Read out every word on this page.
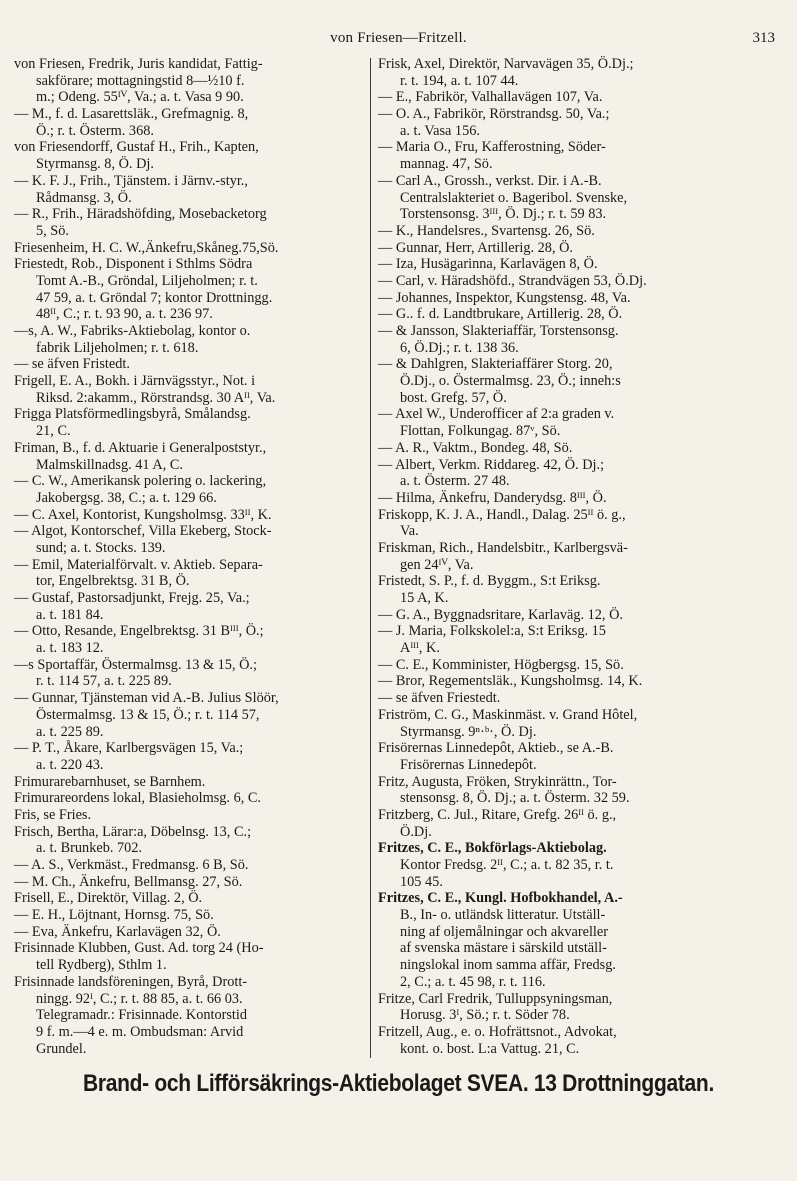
von Friesen—Fritzell.	313
von Friesen, Fredrik, Juris kandidat, Fattig-
sakförare; mottagningstid 8—½10 f.
m.; Odeng. 55ᴵⱽ, Va.; a. t. Vasa 9 90.
— M., f. d. Lasarettsläk., Grefmagnig. 8,
Ö.; r. t. Österm. 368.
von Friesendorff, Gustaf H., Frih., Kapten,
Styrmansg. 8, Ö. Dj.
— K. F. J., Frih., Tjänstem. i Järnv.-styr.,
Rådmansg. 3, Ö.
— R., Frih., Häradshöfding, Mosebacketorg
5, Sö.
Friesenheim, H. C. W.,Änkefru,Skåneg.75,Sö.
Friestedt, Rob., Disponent i Sthlms Södra
Tomt A.-B., Gröndal, Liljeholmen; r. t.
47 59, a. t. Gröndal 7; kontor Drottningg.
48ᴵᴵ, C.; r. t. 93 90, a. t. 236 97.
—s, A. W., Fabriks-Aktiebolag, kontor o.
fabrik Liljeholmen; r. t. 618.
— se äfven Fristedt.
Frigell, E. A., Bokh. i Järnvägsstyr., Not. i
Riksd. 2:akamm., Rörstrandsg. 30 Aᴵᴵ, Va.
Frigga Platsförmedlingsbyrå, Smålandsg.
21, C.
Friman, B., f. d. Aktuarie i Generalpoststyr.,
Malmskillnadsg. 41 A, C.
— C. W., Amerikansk polering o. lackering,
Jakobergsg. 38, C.; a. t. 129 66.
— C. Axel, Kontorist, Kungsholmsg. 33ᴵᴵ, K.
— Algot, Kontorschef, Villa Ekeberg, Stock-
sund; a. t. Stocks. 139.
— Emil, Materialförvalt. v. Aktieb. Separa-
tor, Engelbrektsg. 31 B, Ö.
— Gustaf, Pastorsadjunkt, Frejg. 25, Va.;
a. t. 181 84.
— Otto, Resande, Engelbrektsg. 31 Bᴵᴵᴵ, Ö.;
a. t. 183 12.
—s Sportaffär, Östermalmsg. 13 & 15, Ö.;
r. t. 114 57, a. t. 225 89.
— Gunnar, Tjänsteman vid A.-B. Julius Slöör,
Östermalmsg. 13 & 15, Ö.; r. t. 114 57,
a. t. 225 89.
— P. T., Åkare, Karlbergsvägen 15, Va.;
a. t. 220 43.
Frimurarebarnhuset, se Barnhem.
Frimurareordens lokal, Blasieholmsg. 6, C.
Fris, se Fries.
Frisch, Bertha, Lärar:a, Döbelnsg. 13, C.;
a. t. Brunkeb. 702.
— A. S., Verkmäst., Fredmansg. 6 B, Sö.
— M. Ch., Änkefru, Bellmansg. 27, Sö.
Frisell, E., Direktör, Villag. 2, Ö.
— E. H., Löjtnant, Hornsg. 75, Sö.
— Eva, Änkefru, Karlavägen 32, Ö.
Frisinnade Klubben, Gust. Ad. torg 24 (Ho-
tell Rydberg), Sthlm 1.
Frisinnade landsföreningen, Byrå, Drott-
ningg. 92ᴵ, C.; r. t. 88 85, a. t. 66 03.
Telegramadr.: Frisinnade. Kontorstid
9 f. m.—4 e. m. Ombudsman: Arvid
Grundel.
Frisk, Axel, Direktör, Narvavägen 35, Ö.Dj.;
r. t. 194, a. t. 107 44.
— E., Fabrikör, Valhallavägen 107, Va.
— O. A., Fabrikör, Rörstrandsg. 50, Va.;
a. t. Vasa 156.
— Maria O., Fru, Kafferostning, Söder-
mannag. 47, Sö.
— Carl A., Grossh., verkst. Dir. i A.-B.
Centralslakteriet o. Bageribol. Svenske,
Torstensonsg. 3ᴵᴵᴵ, Ö. Dj.; r. t. 59 83.
— K., Handelsres., Svartensg. 26, Sö.
— Gunnar, Herr, Artillerig. 28, Ö.
— Iza, Husägarinna, Karlavägen 8, Ö.
— Carl, v. Häradshöfd., Strandvägen 53, Ö.Dj.
— Johannes, Inspektor, Kungstensg. 48, Va.
— G.. f. d. Landtbrukare, Artillerig. 28, Ö.
— & Jansson, Slakteriaffär, Torstensonsg.
6, Ö.Dj.; r. t. 138 36.
— & Dahlgren, Slakteriaffärer Storg. 20,
Ö.Dj., o. Östermalmsg. 23, Ö.; inneh:s
bost. Grefg. 57, Ö.
— Axel W., Underofficer af 2:a graden v.
Flottan, Folkungag. 87ᵛ, Sö.
— A. R., Vaktm., Bondeg. 48, Sö.
— Albert, Verkm. Riddareg. 42, Ö. Dj.;
a. t. Österm. 27 48.
— Hilma, Änkefru, Danderydsg. 8ᴵᴵᴵ, Ö.
Friskopp, K. J. A., Handl., Dalag. 25ᴵᴵ ö. g.,
Va.
Friskman, Rich., Handelsbitr., Karlbergsvä-
gen 24ᴵⱽ, Va.
Fristedt, S. P., f. d. Byggm., S:t Eriksg.
15 A, K.
— G. A., Byggnadsritare, Karlaväg. 12, Ö.
— J. Maria, Folkskolel:a, S:t Eriksg. 15
Aᴵᴵᴵ, K.
— C. E., Komminister, Högbergsg. 15, Sö.
— Bror, Regementsläk., Kungsholmsg. 14, K.
— se äfven Friestedt.
Friström, C. G., Maskinmäst. v. Grand Hôtel,
Styrmansg. 9ⁿ·ᵇ·, Ö. Dj.
Frisörernas Linnedepôt, Aktieb., se A.-B.
Frisörernas Linnedepôt.
Fritz, Augusta, Fröken, Strykinrättn., Tor-
stensonsg. 8, Ö. Dj.; a. t. Österm. 32 59.
Fritzberg, C. Jul., Ritare, Grefg. 26ᴵᴵ ö. g.,
Ö.Dj.
Fritzes, C. E., Bokförlags-Aktiebolag.
Kontor Fredsg. 2ᴵᴵ, C.; a. t. 82 35, r. t.
105 45.
Fritzes, C. E., Kungl. Hofbokhandel, A.-
B., In- o. utländsk litteratur. Utställ-
ning af oljemålningar och akvareller
af svenska mästare i särskild utställ-
ningslokal inom samma affär, Fredsg.
2, C.; a. t. 45 98, r. t. 116.
Fritze, Carl Fredrik, Tulluppsyningsman,
Horusg. 3ᴵ, Sö.; r. t. Söder 78.
Fritzell, Aug., e. o. Hofrättsnot., Advokat,
kont. o. bost. L:a Vattug. 21, C.
Brand- och Lifförsäkrings-Aktiebolaget SVEA. 13 Drottninggatan.
